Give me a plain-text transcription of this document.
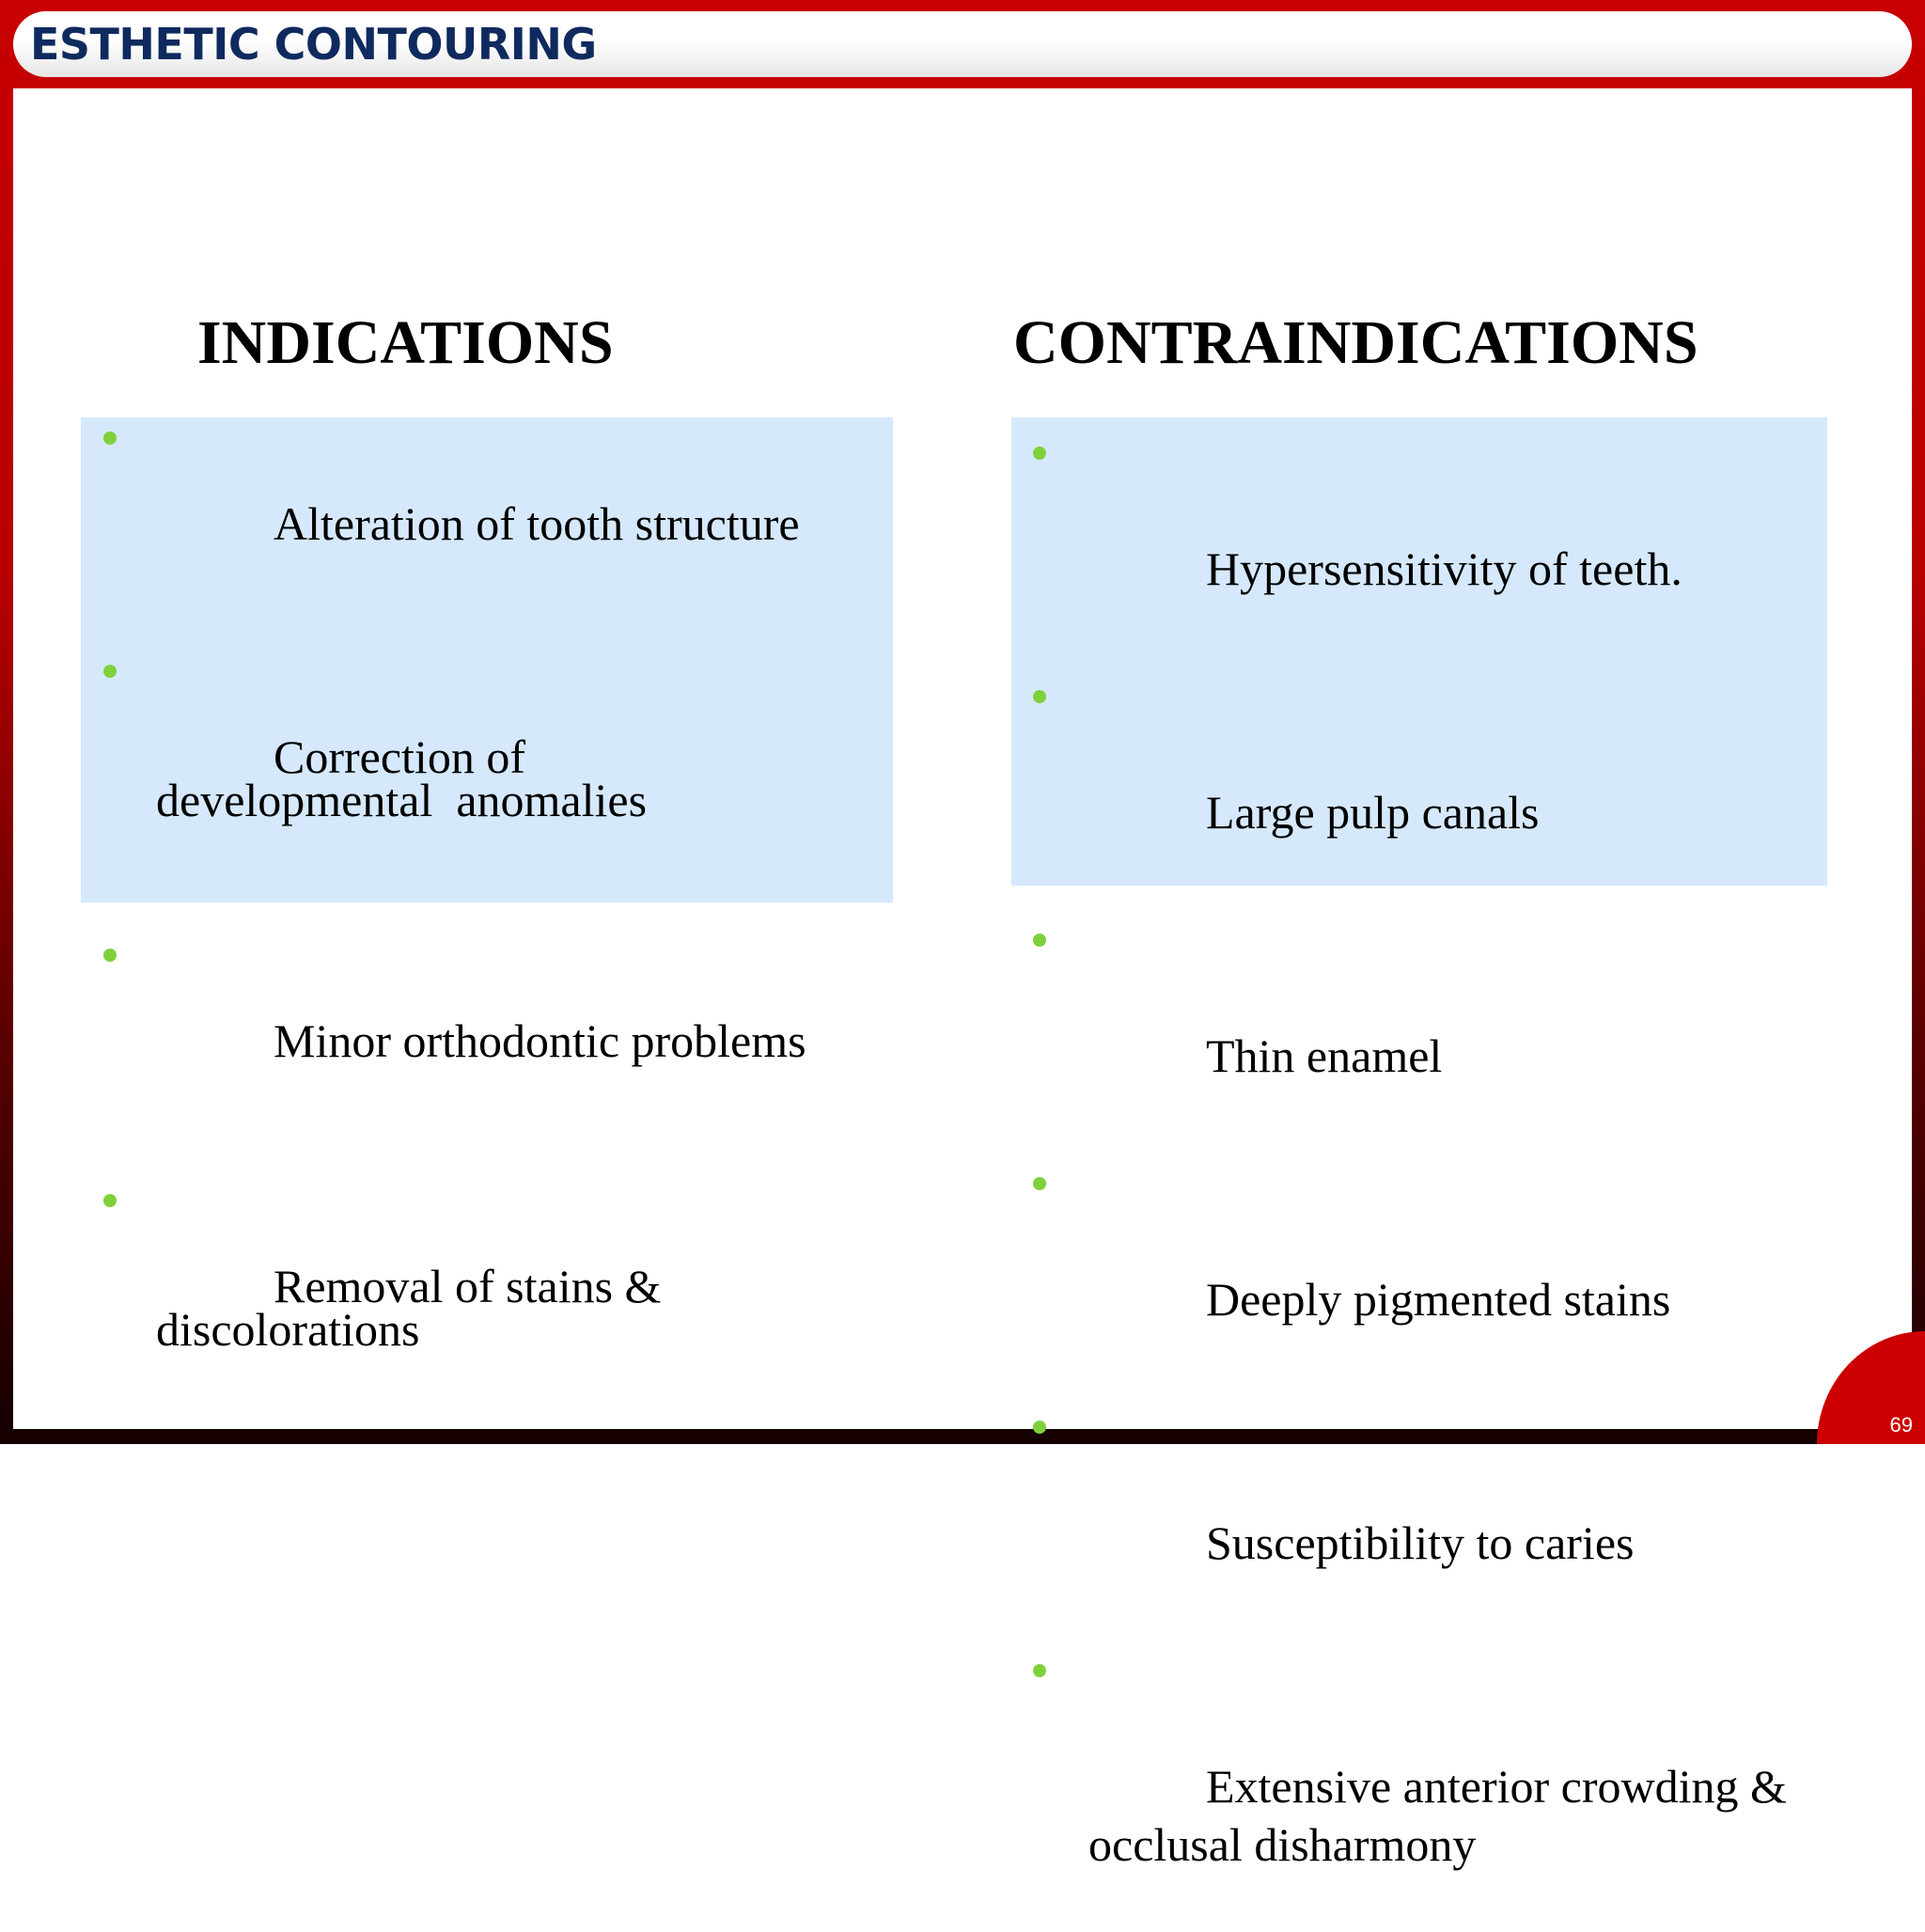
ESTHETIC CONTOURING
INDICATIONS	CONTRAINDICATIONS

Alteration of tooth structure

Correction of
developmental  anomalies

Minor orthodontic problems

Removal of stains & discolorations

Hypersensitivity of teeth.

Large pulp canals

Thin enamel

Deeply pigmented stains

Susceptibility to caries

Extensive anterior crowding &
occlusal disharmony

69
